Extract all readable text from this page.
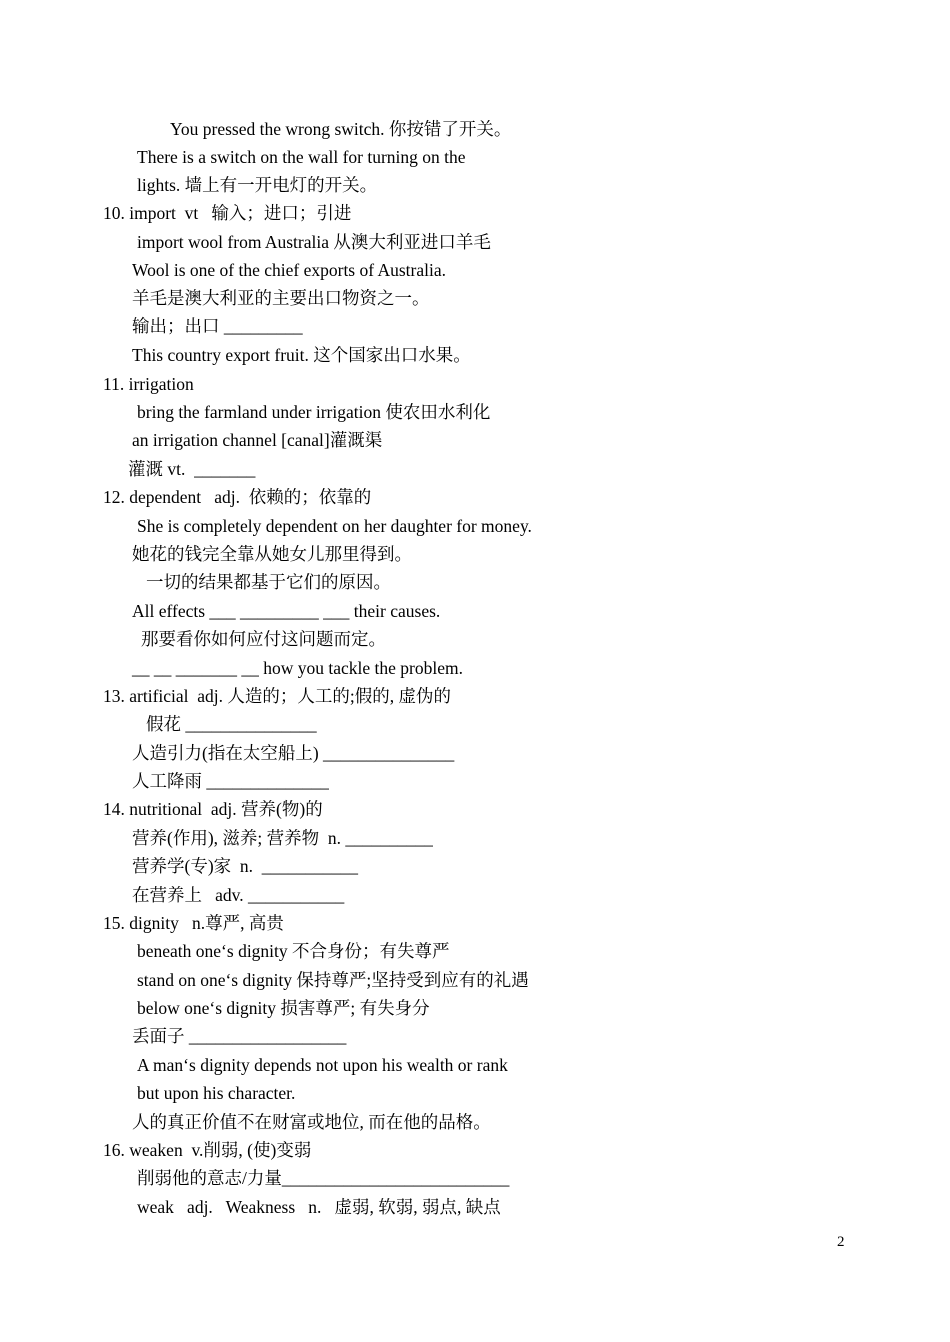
You pressed the wrong switch. 你按错了开关。
There is a switch on the wall for turning on the
lights. 墙上有一开电灯的开关。
10. import  vt   输入；进口；引进
import wool from Australia 从澳大利亚进口羊毛
Wool is one of the chief exports of Australia.
羊毛是澳大利亚的主要出口物资之一。
输出；出口 _________
This country export fruit. 这个国家出口水果。
11. irrigation
bring the farmland under irrigation 使农田水利化
an irrigation channel [canal]灌溉渠
灌溉 vt.  _______
12. dependent   adj.  依赖的；依靠的
She is completely dependent on her daughter for money.
她花的钱完全靠从她女儿那里得到。
一切的结果都基于它们的原因。
All effects ___ _________ ___ their causes.
那要看你如何应付这问题而定。
__ __ _______ __ how you tackle the problem.
13. artificial  adj. 人造的；人工的;假的, 虚伪的
假花 _______________
人造引力(指在太空船上) _______________
人工降雨 ______________
14. nutritional  adj. 营养(物)的
营养(作用), 滋养; 营养物  n. __________
营养学(专)家  n.  ___________
在营养上   adv. ___________
15. dignity   n.尊严, 高贵
beneath one‘s dignity 不合身份；有失尊严
stand on one‘s dignity 保持尊严;坚持受到应有的礼遇
below one‘s dignity 损害尊严; 有失身分
丢面子 __________________
A man‘s dignity depends not upon his wealth or rank
but upon his character.
人的真正价值不在财富或地位, 而在他的品格。
16. weaken  v.削弱, (使)变弱
削弱他的意志/力量__________________________
weak   adj.   Weakness   n.   虚弱, 软弱, 弱点, 缺点
2
